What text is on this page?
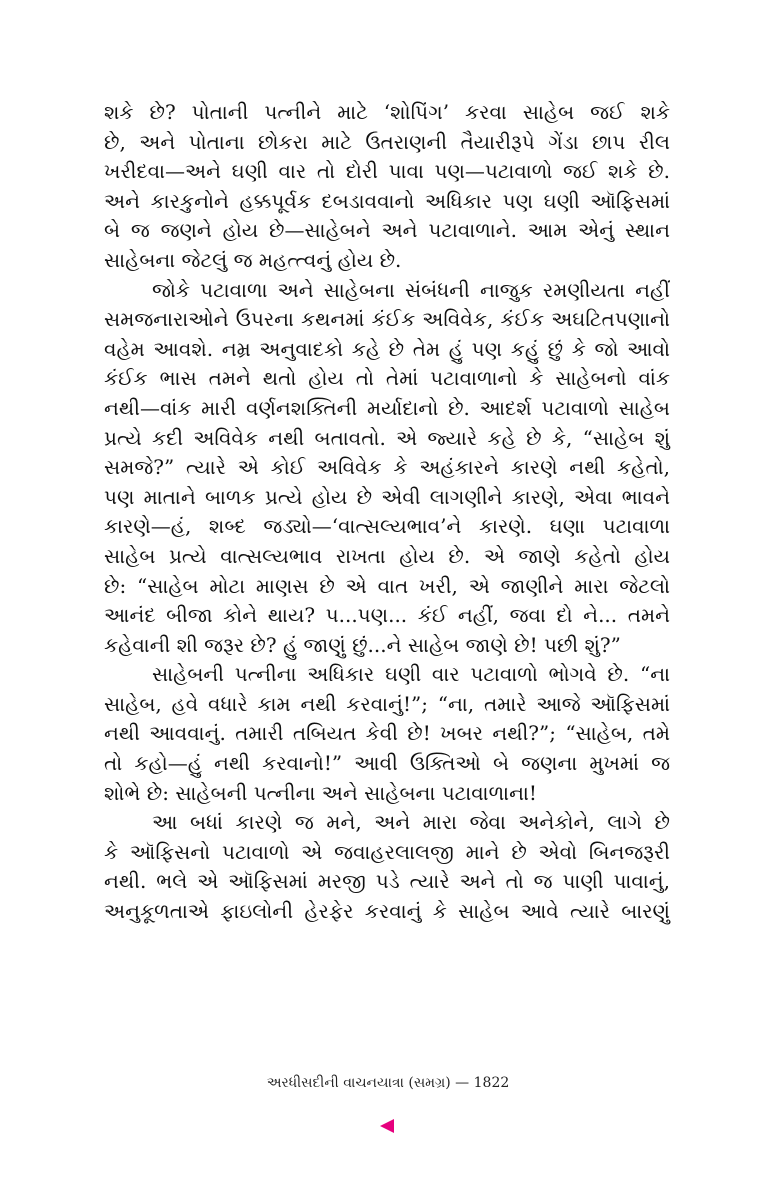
શકે છે? પોતાની પત્નીને માટે ‘શોપિંગ’ કરવા સાહેબ જઈ શકે
છે, અને પોતાના છોકરા માટે ઉતરાણની તૈયારીરૂપે ગેંડા છાપ રીલ
ખરીદવા—અને ઘણી વાર તો દોરી પાવા પણ—પટાવાળો જઈ શકે છે.
અને કારકુનોને હક્કપૂર્વક દબડાવવાનો અધિકાર પણ ઘણી ઑફિસમાં
બે જ જણને હોય છે—સાહેબને અને પટાવાળાને. આમ એનું સ્થાન
સાહેબના જેટલું જ મહત્ત્વનું હોય છે.
જોકે પટાવાળા અને સાહેબના સંબંધની નાજુક રમણીયતા નહીં
સમજનારાઓને ઉપરના કથનમાં કંઈક અવિવેક, કંઈક અઘટિતપણાનો
વહેમ આવશે. નમ્ર અનુવાદકો કહે છે તેમ હું પણ કહું છું કે જો આવો
કંઈક ભાસ તમને થતો હોય તો તેમાં પટાવાળાનો કે સાહેબનો વાંક
નથી—વાંક મારી વર્ણનશક્તિની મર્યાદાનો છે. આદર્શ પટાવાળો સાહેબ
પ્રત્યે કદી અવિવેક નથી બતાવતો. એ જ્યારે કહે છે કે, “સાહેબ શું
સમજે?” ત્યારે એ કોઈ અવિવેક કે અહંકારને કારણે નથી કહેતો,
પણ માતાને બાળક પ્રત્યે હોય છે એવી લાગણીને કારણે, એવા ભાવને
કારણે—હં, શબ્દ જડ્યો—‘વાત્સલ્યભાવ’ને કારણે. ઘણા પટાવાળા
સાહેબ પ્રત્યે વાત્સલ્યભાવ રાખતા હોય છે. એ જાણે કહેતો હોય
છે: “સાહેબ મોટા માણસ છે એ વાત ખરી, એ જાણીને મારા જેટલો
આનંદ બીજા કોને થાય? પ...પણ... કંઈ નહીં, જવા દો ને... તમને
કહેવાની શી જરૂર છે? હું જાણું છું...ને સાહેબ જાણે છે! પછી શું?”
સાહેબની પત્નીના અધિકાર ઘણી વાર પટાવાળો ભોગવે છે. “ના
સાહેબ, હવે વધારે કામ નથી કરવાનું!”; “ના, તમારે આજે ઑફિસમાં
નથી આવવાનું. તમારી તબિયત કેવી છે! ખબર નથી?”; “સાહેબ, તમે
તો કહો—હું નથી કરવાનો!” આવી ઉક્તિઓ બે જણના મુખમાં જ
શોભે છે: સાહેબની પત્નીના અને સાહેબના પટાવાળાના!
આ બધાં કારણે જ મને, અને મારા જેવા અનેકોને, લાગે છે
કે ઑફિસનો પટાવાળો એ જવાહરલાલજી માને છે એવો બિનજરૂરી
નથી. ભલે એ ઑફિસમાં મરજી પડે ત્યારે અને તો જ પાણી પાવાનું,
અનુકૂળતાએ ફાઇલોની હેરફેર કરવાનું કે સાહેબ આવે ત્યારે બારણું
અરધીસદીની વાચનયાત્રા (સમગ્ર) — 1822
